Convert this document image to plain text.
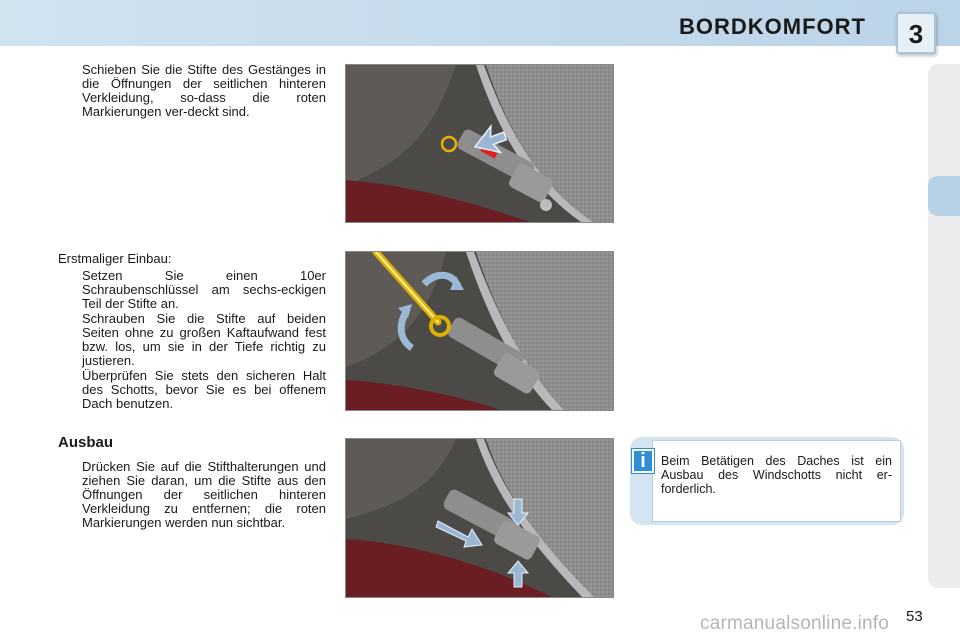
BORDKOMFORT	3
Schieben Sie die Stifte des Gestänges in die Öffnungen der seitlichen hinteren Verkleidung, so-dass die roten Markierungen ver-deckt sind.
Erstmaliger Einbau:
Setzen Sie einen 10er Schraubenschlüssel am sechs-eckigen Teil der Stifte an.
Schrauben Sie die Stifte auf beiden Seiten ohne zu großen Kaftaufwand fest bzw. los, um sie in der Tiefe richtig zu justieren.
Überprüfen Sie stets den sicheren Halt des Schotts, bevor Sie es bei offenem Dach benutzen.
Ausbau
Drücken Sie auf die Stifthalterungen und ziehen Sie daran, um die Stifte aus den Öffnungen der seitlichen hinteren Verkleidung zu entfernen; die roten Markierungen werden nun sichtbar.
Beim Betätigen des Daches ist ein Ausbau des Windschotts nicht er-forderlich.
i
carmanualsonline.info 53
